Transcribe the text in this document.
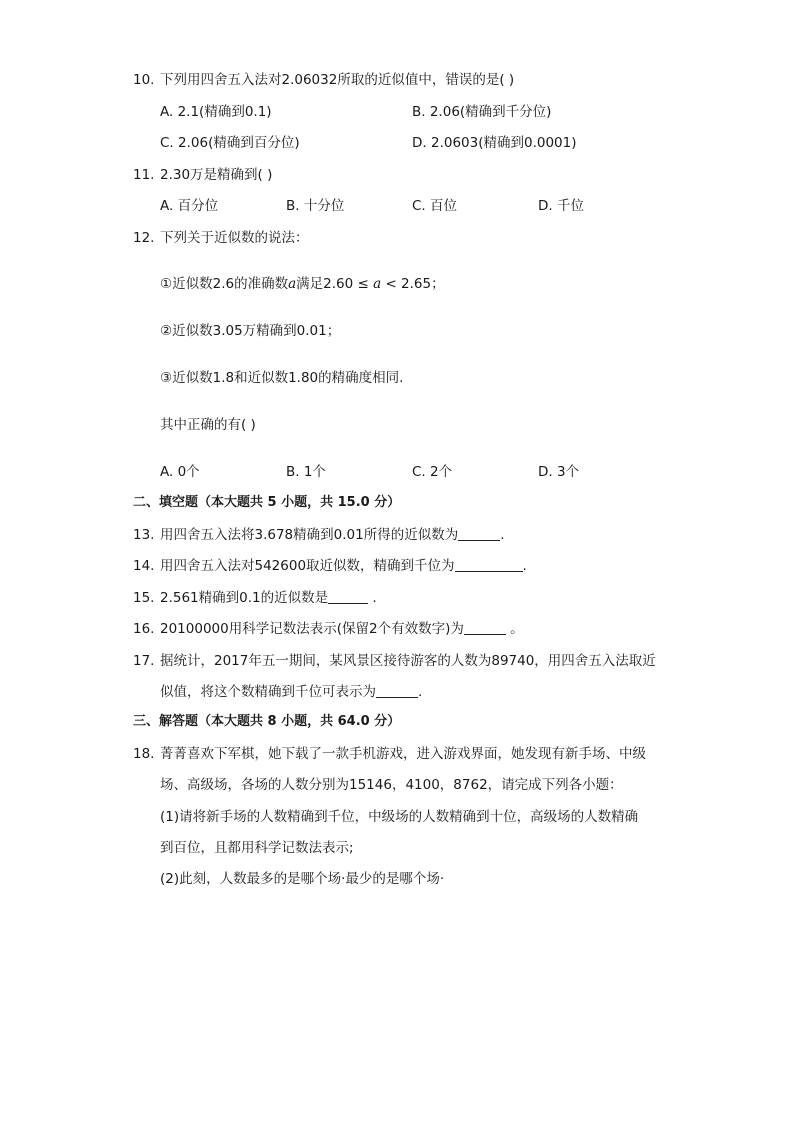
10. 下列用四舍五入法对2.06032所取的近似值中，错误的是( )
A. 2.1(精确到0.1)	B. 2.06(精确到千分位)
C. 2.06(精确到百分位)	D. 2.0603(精确到0.0001)
11. 2.30万是精确到( )
A. 百分位	B. 十分位	C. 百位	D. 千位
12. 下列关于近似数的说法：
①近似数2.6的准确数a满足2.60 ≤ a < 2.65；
②近似数3.05万精确到0.01；
③近似数1.8和近似数1.80的精确度相同.
其中正确的有( )
A. 0个	B. 1个	C. 2个	D. 3个
二、填空题（本大题共 5 小题，共 15.0 分）
13. 用四舍五入法将3.678精确到0.01所得的近似数为	.
14. 用四舍五入法对542600取近似数，精确到千位为	.
15. 2.561精确到0.1的近似数是	.
16. 20100000用科学记数法表示(保留2个有效数字)为	。
17. 据统计，2017年五一期间，某风景区接待游客的人数为89740，用四舍五入法取近
似值，将这个数精确到千位可表示为	.
三、解答题（本大题共 8 小题，共 64.0 分）
18. 菁菁喜欢下军棋，她下载了一款手机游戏，进入游戏界面，她发现有新手场、中级
场、高级场，各场的人数分别为15146，4100，8762，请完成下列各小题：
(1)请将新手场的人数精确到千位，中级场的人数精确到十位，高级场的人数精确
到百位，且都用科学记数法表示;
(2)此刻，人数最多的是哪个场·最少的是哪个场·
